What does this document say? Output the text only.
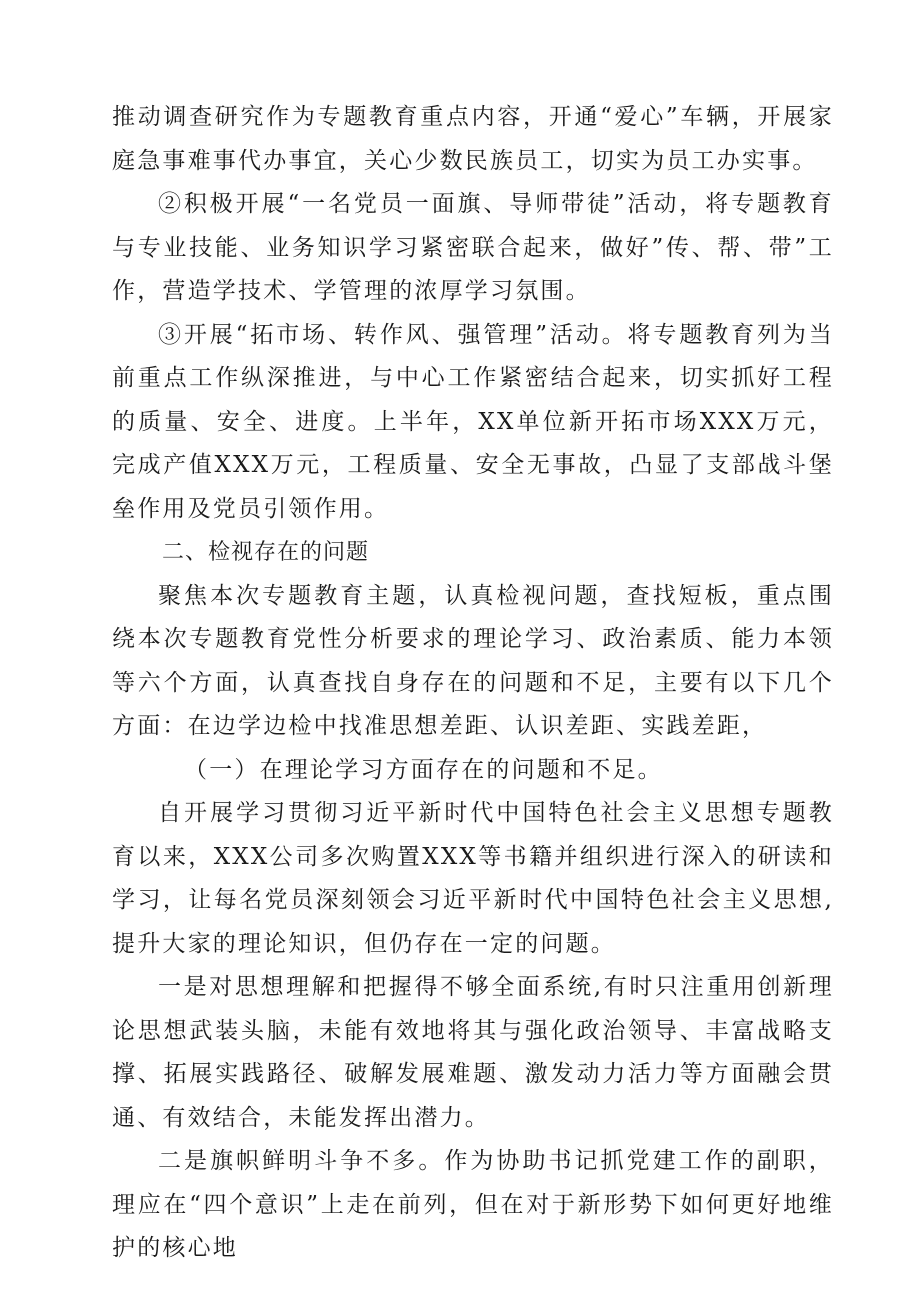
推动调查研究作为专题教育重点内容，开通“爱心”车辆，开展家庭急事难事代办事宜，关心少数民族员工，切实为员工办实事。

②积极开展“一名党员一面旗、导师带徒”活动，将专题教育与专业技能、业务知识学习紧密联合起来，做好”传、帮、带”工作，营造学技术、学管理的浓厚学习氛围。

③开展“拓市场、转作风、强管理”活动。将专题教育列为当前重点工作纵深推进，与中心工作紧密结合起来，切实抓好工程的质量、安全、进度。上半年，XX单位新开拓市场XXX万元，完成产值XXX万元，工程质量、安全无事故，凸显了支部战斗堡垒作用及党员引领作用。

二、检视存在的问题

聚焦本次专题教育主题，认真检视问题，查找短板，重点围绕本次专题教育党性分析要求的理论学习、政治素质、能力本领等六个方面，认真查找自身存在的问题和不足，主要有以下几个方面：在边学边检中找准思想差距、认识差距、实践差距，

（一）在理论学习方面存在的问题和不足。

自开展学习贯彻习近平新时代中国特色社会主义思想专题教育以来，XXX公司多次购置XXX等书籍并组织进行深入的研读和学习，让每名党员深刻领会习近平新时代中国特色社会主义思想,提升大家的理论知识，但仍存在一定的问题。

一是对思想理解和把握得不够全面系统,有时只注重用创新理论思想武装头脑，未能有效地将其与强化政治领导、丰富战略支撑、拓展实践路径、破解发展难题、激发动力活力等方面融会贯通、有效结合，未能发挥出潜力。

二是旗帜鲜明斗争不多。作为协助书记抓党建工作的副职，理应在“四个意识”上走在前列，但在对于新形势下如何更好地维护的核心地
